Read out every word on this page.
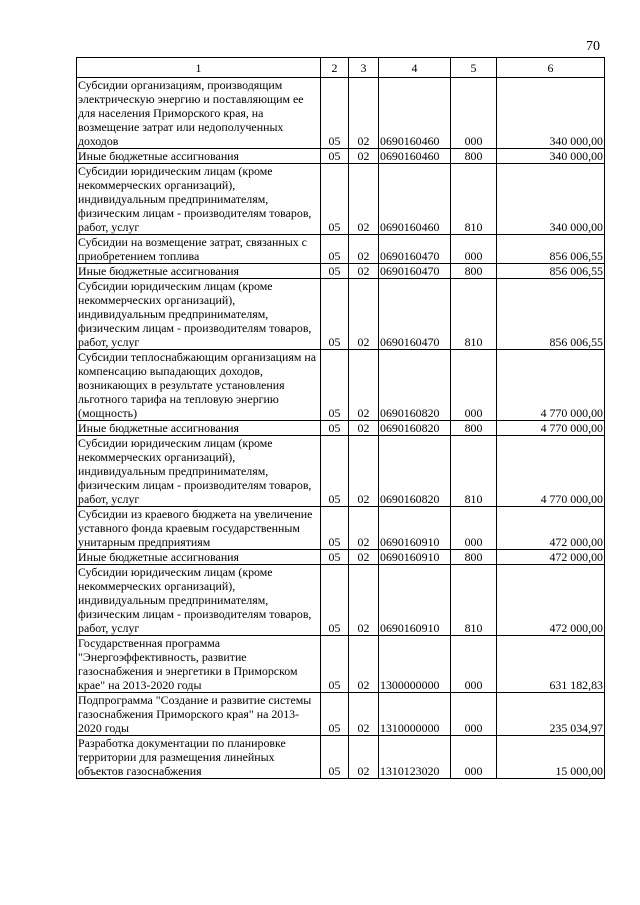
70
1	2	3	4	5	6
Субсидии организациям, производящим электрическую энергию и поставляющим ее для населения Приморского края, на возмещение затрат или недополученных доходов	05	02	0690160460	000	340 000,00
Иные бюджетные ассигнования	05	02	0690160460	800	340 000,00
Субсидии юридическим лицам (кроме некоммерческих организаций), индивидуальным предпринимателям, физическим лицам - производителям товаров, работ, услуг	05	02	0690160460	810	340 000,00
Субсидии на возмещение затрат, связанных с приобретением топлива	05	02	0690160470	000	856 006,55
Иные бюджетные ассигнования	05	02	0690160470	800	856 006,55
Субсидии юридическим лицам (кроме некоммерческих организаций), индивидуальным предпринимателям, физическим лицам - производителям товаров, работ, услуг	05	02	0690160470	810	856 006,55
Субсидии теплоснабжающим организациям на компенсацию выпадающих доходов, возникающих в результате установления льготного тарифа на тепловую энергию (мощность)	05	02	0690160820	000	4 770 000,00
Иные бюджетные ассигнования	05	02	0690160820	800	4 770 000,00
Субсидии юридическим лицам (кроме некоммерческих организаций), индивидуальным предпринимателям, физическим лицам - производителям товаров, работ, услуг	05	02	0690160820	810	4 770 000,00
Субсидии из краевого бюджета на увеличение уставного фонда краевым государственным унитарным предприятиям	05	02	0690160910	000	472 000,00
Иные бюджетные ассигнования	05	02	0690160910	800	472 000,00
Субсидии юридическим лицам (кроме некоммерческих организаций), индивидуальным предпринимателям, физическим лицам - производителям товаров, работ, услуг	05	02	0690160910	810	472 000,00
Государственная программа "Энергоэффективность, развитие газоснабжения и энергетики в Приморском крае" на 2013-2020 годы	05	02	1300000000	000	631 182,83
Подпрограмма "Создание и развитие системы газоснабжения Приморского края" на 2013-2020 годы	05	02	1310000000	000	235 034,97
Разработка документации по планировке территории для размещения линейных объектов газоснабжения	05	02	1310123020	000	15 000,00
